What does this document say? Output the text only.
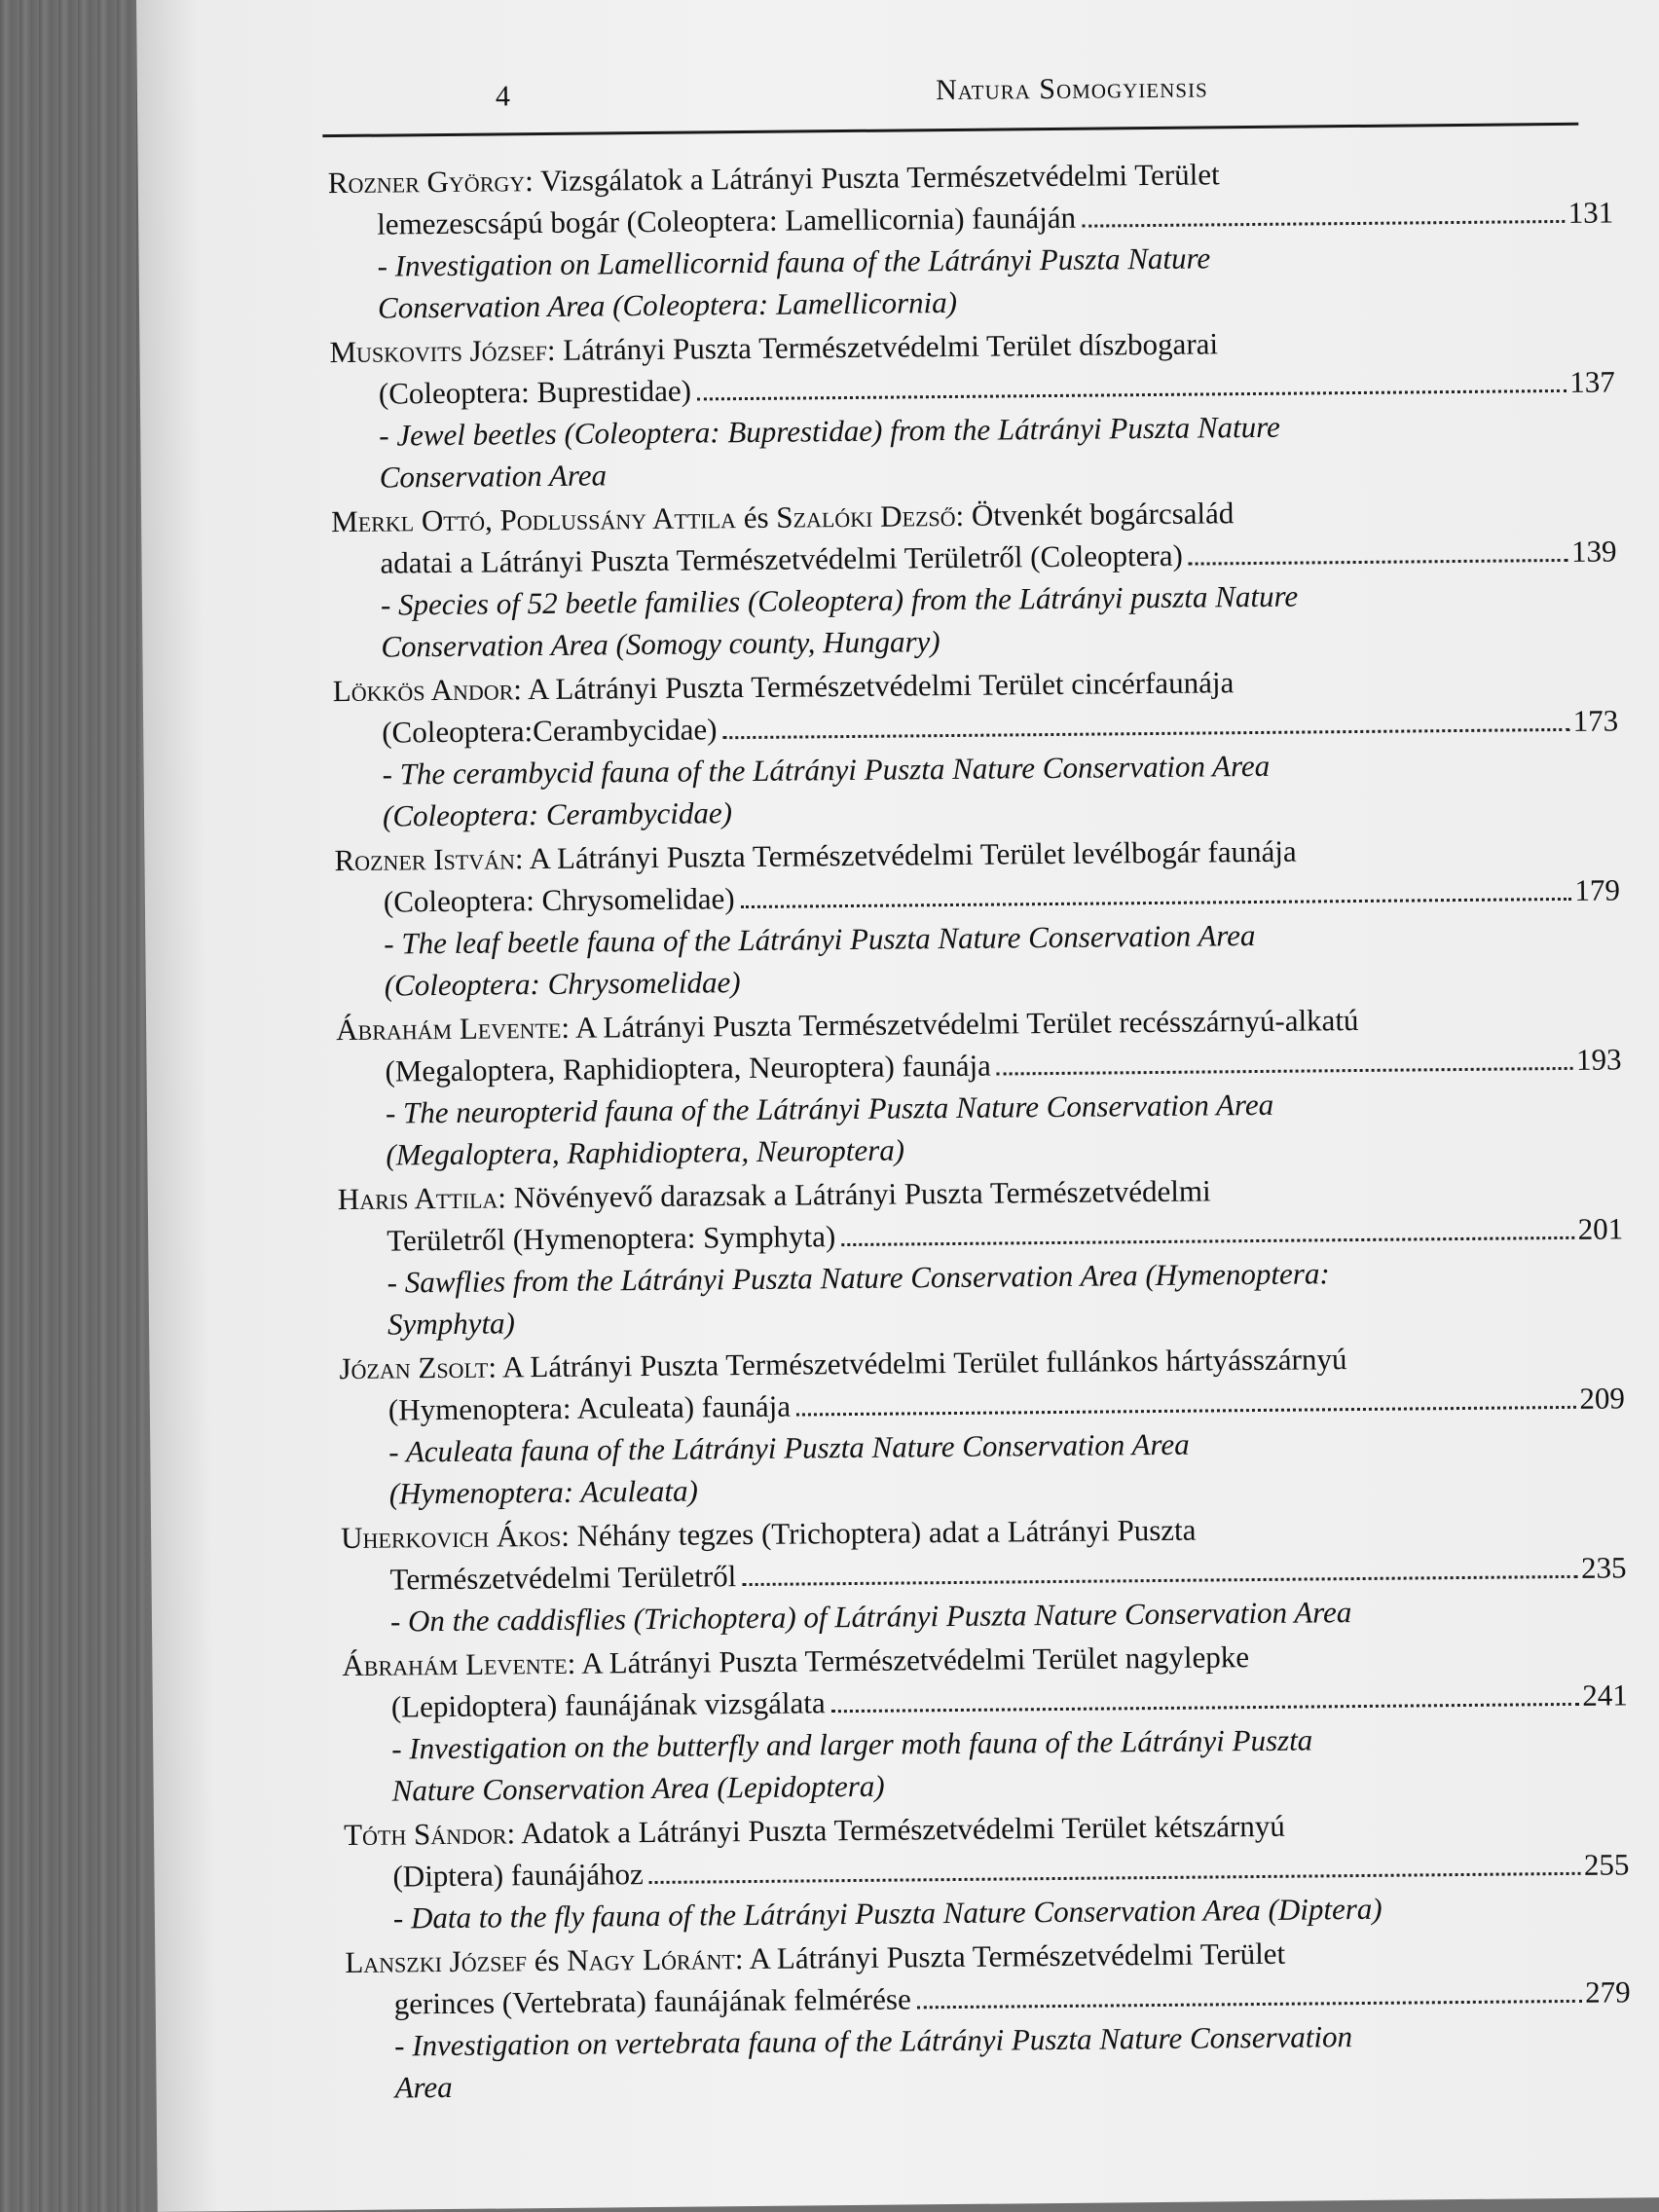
4	Natura Somogyiensis
Rozner György: Vizsgálatok a Látrányi Puszta Természetvédelmi Terület
lemezescsápú bogár (Coleoptera: Lamellicornia) faunáján	131
- Investigation on Lamellicornid fauna of the Látrányi Puszta Nature
Conservation Area (Coleoptera: Lamellicornia)
Muskovits József: Látrányi Puszta Természetvédelmi Terület díszbogarai
(Coleoptera: Buprestidae)	137
- Jewel beetles (Coleoptera: Buprestidae) from the Látrányi Puszta Nature
Conservation Area
Merkl Ottó, Podlussány Attila és Szalóki Dezső: Ötvenkét bogárcsalád
adatai a Látrányi Puszta Természetvédelmi Területről (Coleoptera)	139
- Species of 52 beetle families (Coleoptera) from the Látrányi puszta Nature
Conservation Area (Somogy county, Hungary)
Lökkös Andor: A Látrányi Puszta Természetvédelmi Terület cincérfaunája
(Coleoptera:Cerambycidae)	173
- The cerambycid fauna of the Látrányi Puszta Nature Conservation Area
(Coleoptera: Cerambycidae)
Rozner István: A Látrányi Puszta Természetvédelmi Terület levélbogár faunája
(Coleoptera: Chrysomelidae)	179
- The leaf beetle fauna of the Látrányi Puszta Nature Conservation Area
(Coleoptera: Chrysomelidae)
Ábrahám Levente: A Látrányi Puszta Természetvédelmi Terület recésszárnyú-alkatú
(Megaloptera, Raphidioptera, Neuroptera) faunája	193
- The neuropterid fauna of the Látrányi Puszta Nature Conservation Area
(Megaloptera, Raphidioptera, Neuroptera)
Haris Attila: Növényevő darazsak a Látrányi Puszta Természetvédelmi
Területről (Hymenoptera: Symphyta)	201
- Sawflies from the Látrányi Puszta Nature Conservation Area (Hymenoptera:
Symphyta)
Józan Zsolt: A Látrányi Puszta Természetvédelmi Terület fullánkos hártyásszárnyú
(Hymenoptera: Aculeata) faunája	209
- Aculeata fauna of the Látrányi Puszta Nature Conservation Area
(Hymenoptera: Aculeata)
Uherkovich Ákos: Néhány tegzes (Trichoptera) adat a Látrányi Puszta
Természetvédelmi Területről	235
- On the caddisflies (Trichoptera) of Látrányi Puszta Nature Conservation Area
Ábrahám Levente: A Látrányi Puszta Természetvédelmi Terület nagylepke
(Lepidoptera) faunájának vizsgálata	241
- Investigation on the butterfly and larger moth fauna of the Látrányi Puszta
Nature Conservation Area (Lepidoptera)
Tóth Sándor: Adatok a Látrányi Puszta Természetvédelmi Terület kétszárnyú
(Diptera) faunájához	255
- Data to the fly fauna of the Látrányi Puszta Nature Conservation Area (Diptera)
Lanszki József és Nagy Lóránt: A Látrányi Puszta Természetvédelmi Terület
gerinces (Vertebrata) faunájának felmérése	279
- Investigation on vertebrata fauna of the Látrányi Puszta Nature Conservation
Area
